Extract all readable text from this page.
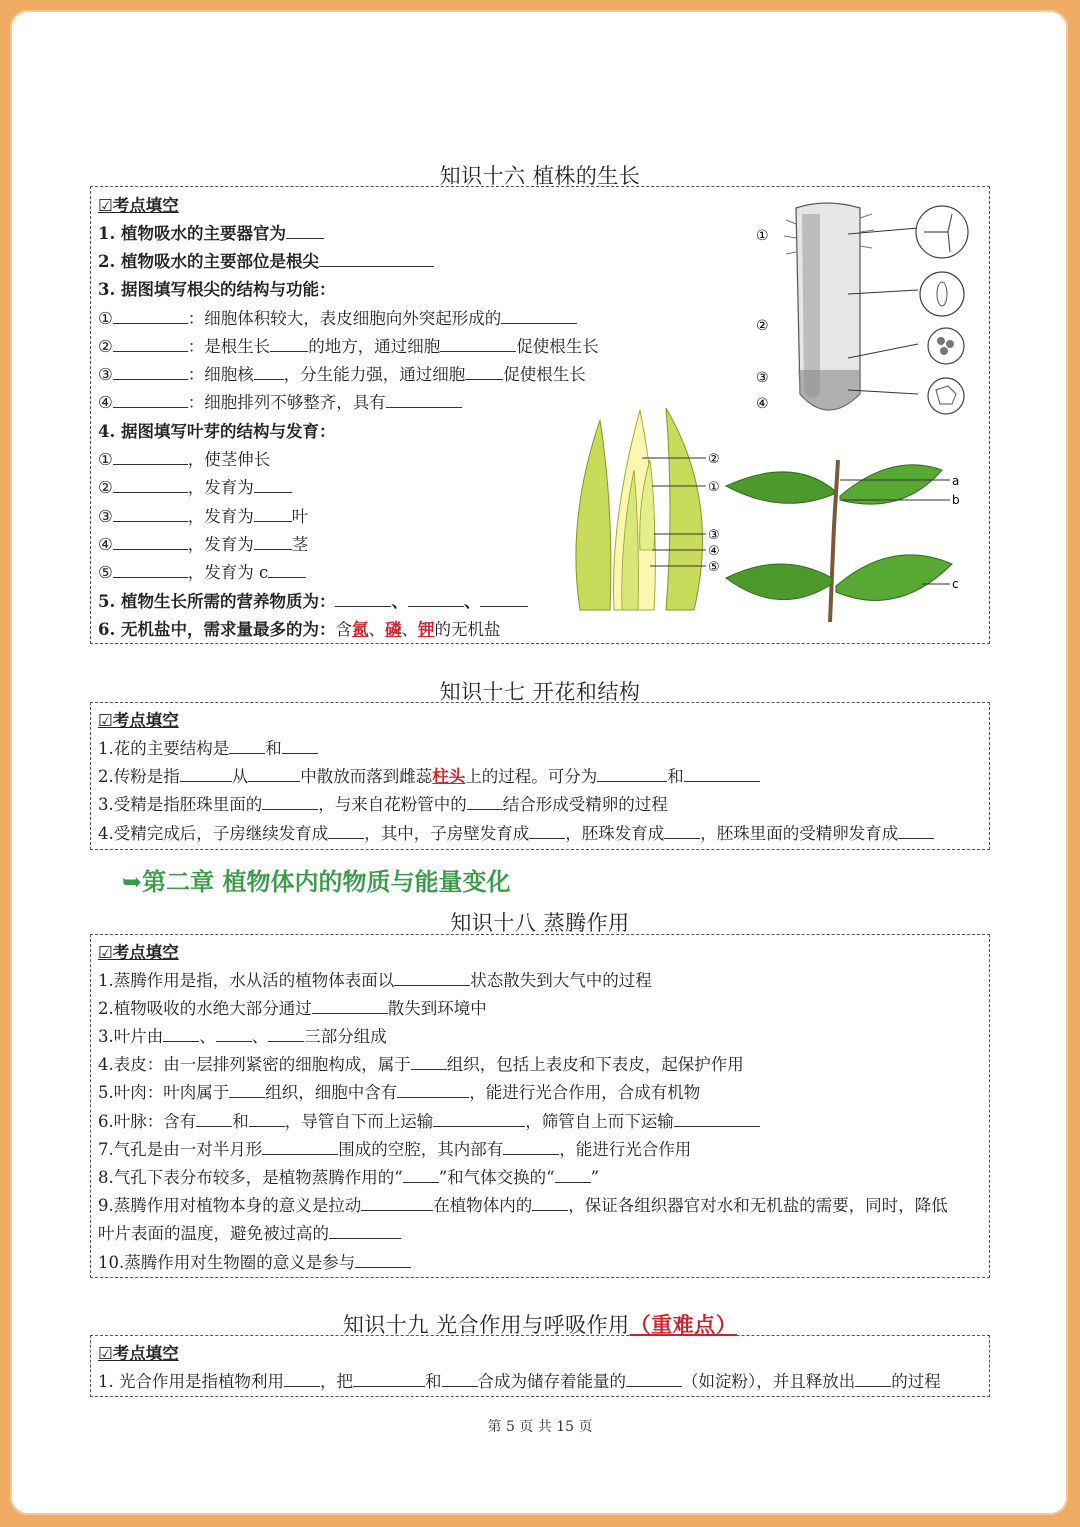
知识十六 植株的生长
☑考点填空
1. 植物吸水的主要器官为
2. 植物吸水的主要部位是根尖
3. 据图填写根尖的结构与功能：
①	：细胞体积较大，表皮细胞向外突起形成的
②	：是根生长 的地方，通过细胞	促使根生长
③	：细胞核 ，分生能力强，通过细胞 促使根生长
④	：细胞排列不够整齐，具有
4. 据图填写叶芽的结构与发育：
①	，使茎伸长
②	，发育为
③	，发育为 叶
④	，发育为 茎
⑤	，发育为 c
5. 植物生长所需的营养物质为：	、	、
6. 无机盐中，需求量最多的为：含氮、磷、钾的无机盐
①
②
③
④
②
①
③
④
⑤
a
b
c
知识十七 开花和结构
☑考点填空
1.花的主要结构是 和
2.传粉是指	从	中散放而落到雌蕊柱头上的过程。可分为	和
3.受精是指胚珠里面的	，与来自花粉管中的 结合形成受精卵的过程
4.受精完成后，子房继续发育成 ，其中，子房壁发育成 ，胚珠发育成 ，胚珠里面的受精卵发育成
➥第二章 植物体内的物质与能量变化
知识十八 蒸腾作用
☑考点填空
1.蒸腾作用是指，水从活的植物体表面以	状态散失到大气中的过程
2.植物吸收的水绝大部分通过	散失到环境中
3.叶片由 、 、 三部分组成
4.表皮：由一层排列紧密的细胞构成，属于 组织，包括上表皮和下表皮，起保护作用
5.叶肉：叶肉属于 组织，细胞中含有	，能进行光合作用，合成有机物
6.叶脉：含有 和 ，导管自下而上运输	，筛管自上而下运输
7.气孔是由一对半月形	围成的空腔，其内部有	，能进行光合作用
8.气孔下表分布较多，是植物蒸腾作用的“ ”和气体交换的“ ”
9.蒸腾作用对植物本身的意义是拉动	在植物体内的 ，保证各组织器官对水和无机盐的需要，同时，降低
叶片表面的温度，避免被过高的
10.蒸腾作用对生物圈的意义是参与
知识十九 光合作用与呼吸作用（重难点）
☑考点填空
1. 光合作用是指植物利用 ，把	和 合成为储存着能量的	（如淀粉），并且释放出 的过程
第 5 页 共 15 页
